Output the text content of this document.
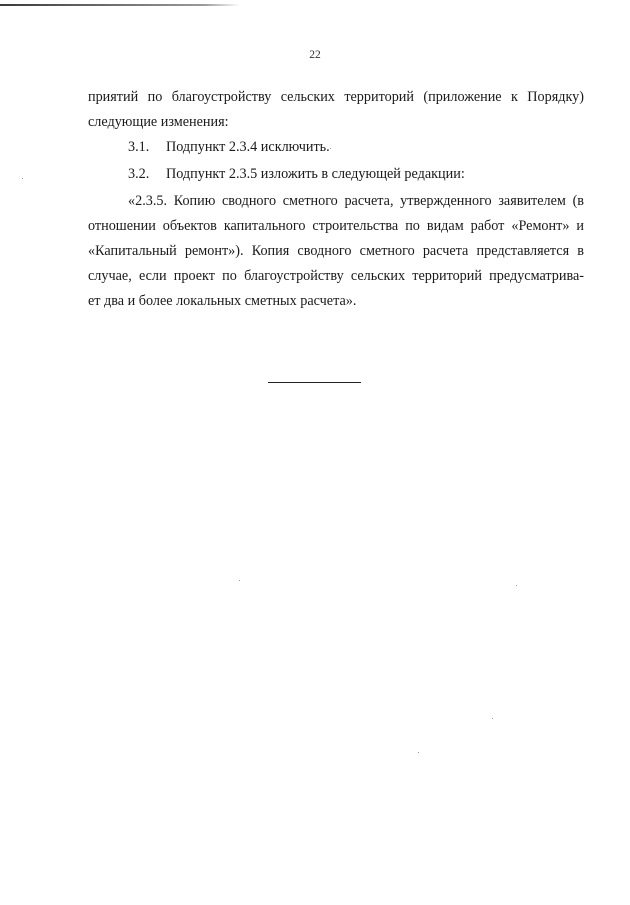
22
приятий по благоустройству сельских территорий (приложение к Порядку)
следующие изменения:
3.1. Подпункт 2.3.4 исключить.
3.2. Подпункт 2.3.5 изложить в следующей редакции:
«2.3.5. Копию сводного сметного расчета, утвержденного заявителем (в
отношении объектов капитального строительства по видам работ «Ремонт» и
«Капитальный ремонт»). Копия сводного сметного расчета представляется в
случае, если проект по благоустройству сельских территорий предусматрива-
ет два и более локальных сметных расчета».
